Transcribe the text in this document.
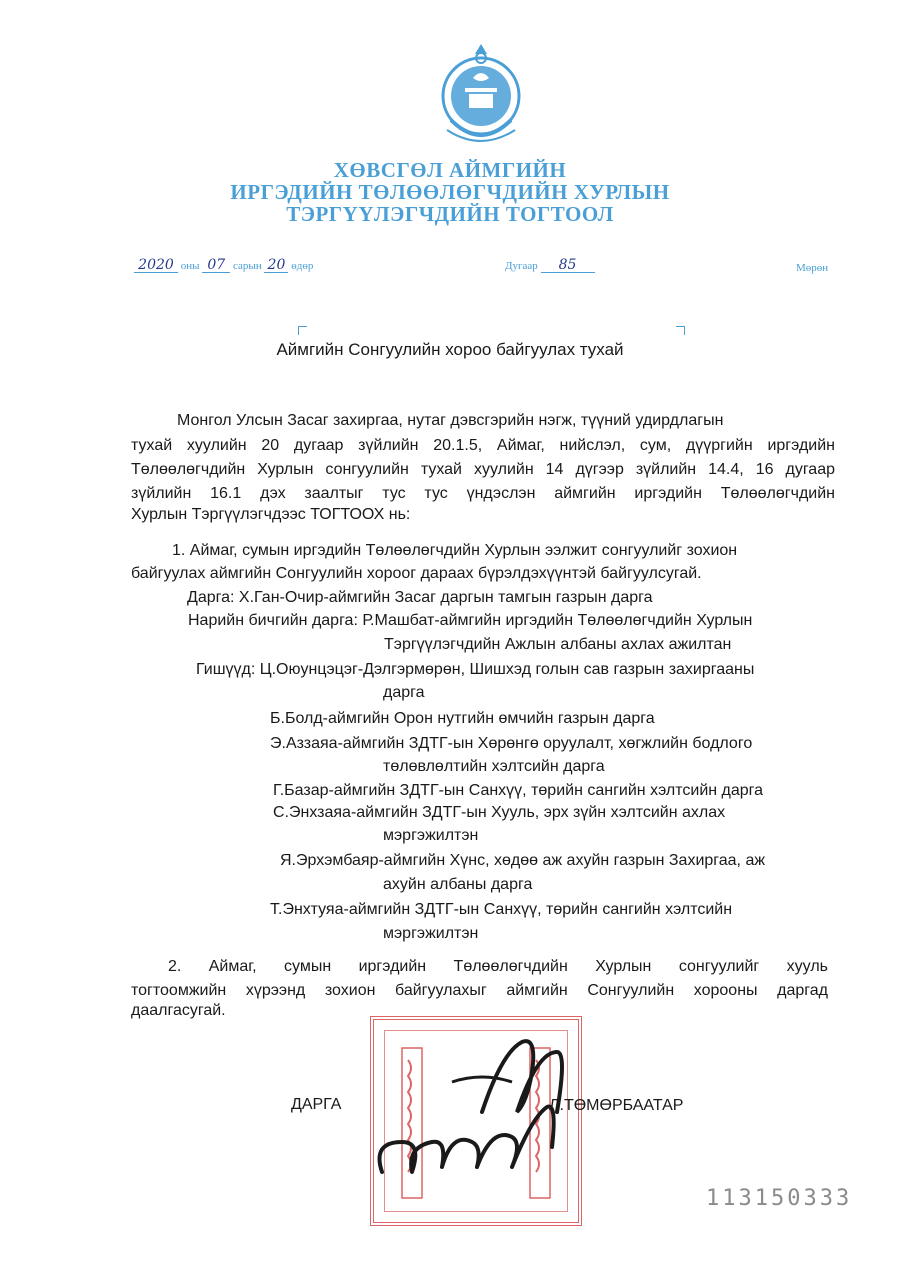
ХӨВСГӨЛ АЙМГИЙН
ИРГЭДИЙН ТӨЛӨӨЛӨГЧДИЙН ХУРЛЫН
ТЭРГҮҮЛЭГЧДИЙН ТОГТООЛ
2020 оны 07 сарын 20 өдөр	Дугаар 85	Мөрөн
Аймгийн Сонгуулийн хороо байгуулах тухай
Монгол Улсын Засаг захиргаа, нутаг дэвсгэрийн нэгж, түүний удирдлагын
тухай хуулийн 20 дугаар зүйлийн 20.1.5, Аймаг, нийслэл, сум, дүүргийн иргэдийн
Төлөөлөгчдийн Хурлын сонгуулийн тухай хуулийн 14 дүгээр зүйлийн 14.4, 16 дугаар
зүйлийн 16.1 дэх заалтыг тус тус үндэслэн аймгийн иргэдийн Төлөөлөгчдийн
Хурлын Тэргүүлэгчдээс ТОГТООХ нь:
1. Аймаг, сумын иргэдийн Төлөөлөгчдийн Хурлын ээлжит сонгуулийг зохион
байгуулах аймгийн Сонгуулийн хороог дараах бүрэлдэхүүнтэй байгуулсугай.
Дарга: Х.Ган-Очир-аймгийн Засаг даргын тамгын газрын дарга
Нарийн бичгийн дарга: Р.Машбат-аймгийн иргэдийн Төлөөлөгчдийн Хурлын
Тэргүүлэгчдийн Ажлын албаны ахлах ажилтан
Гишүүд: Ц.Оюунцэцэг-Дэлгэрмөрөн, Шишхэд голын сав газрын захиргааны
дарга
Б.Болд-аймгийн Орон нутгийн өмчийн газрын дарга
Э.Аззаяа-аймгийн ЗДТГ-ын Хөрөнгө оруулалт, хөгжлийн бодлого
төлөвлөлтийн хэлтсийн дарга
Г.Базар-аймгийн ЗДТГ-ын Санхүү, төрийн сангийн хэлтсийн дарга
С.Энхзаяа-аймгийн ЗДТГ-ын Хууль, эрх зүйн хэлтсийн ахлах
мэргэжилтэн
Я.Эрхэмбаяр-аймгийн Хүнс, хөдөө аж ахуйн газрын Захиргаа, аж
ахуйн албаны дарга
Т.Энхтуяа-аймгийн ЗДТГ-ын Санхүү, төрийн сангийн хэлтсийн
мэргэжилтэн
2. Аймаг, сумын иргэдийн Төлөөлөгчдийн Хурлын сонгуулийг хууль
тогтоомжийн хүрээнд зохион байгуулахыг аймгийн Сонгуулийн хорооны даргад
даалгасугай.
ДАРГА	Л.ТӨМӨРБААТАР
113150333
